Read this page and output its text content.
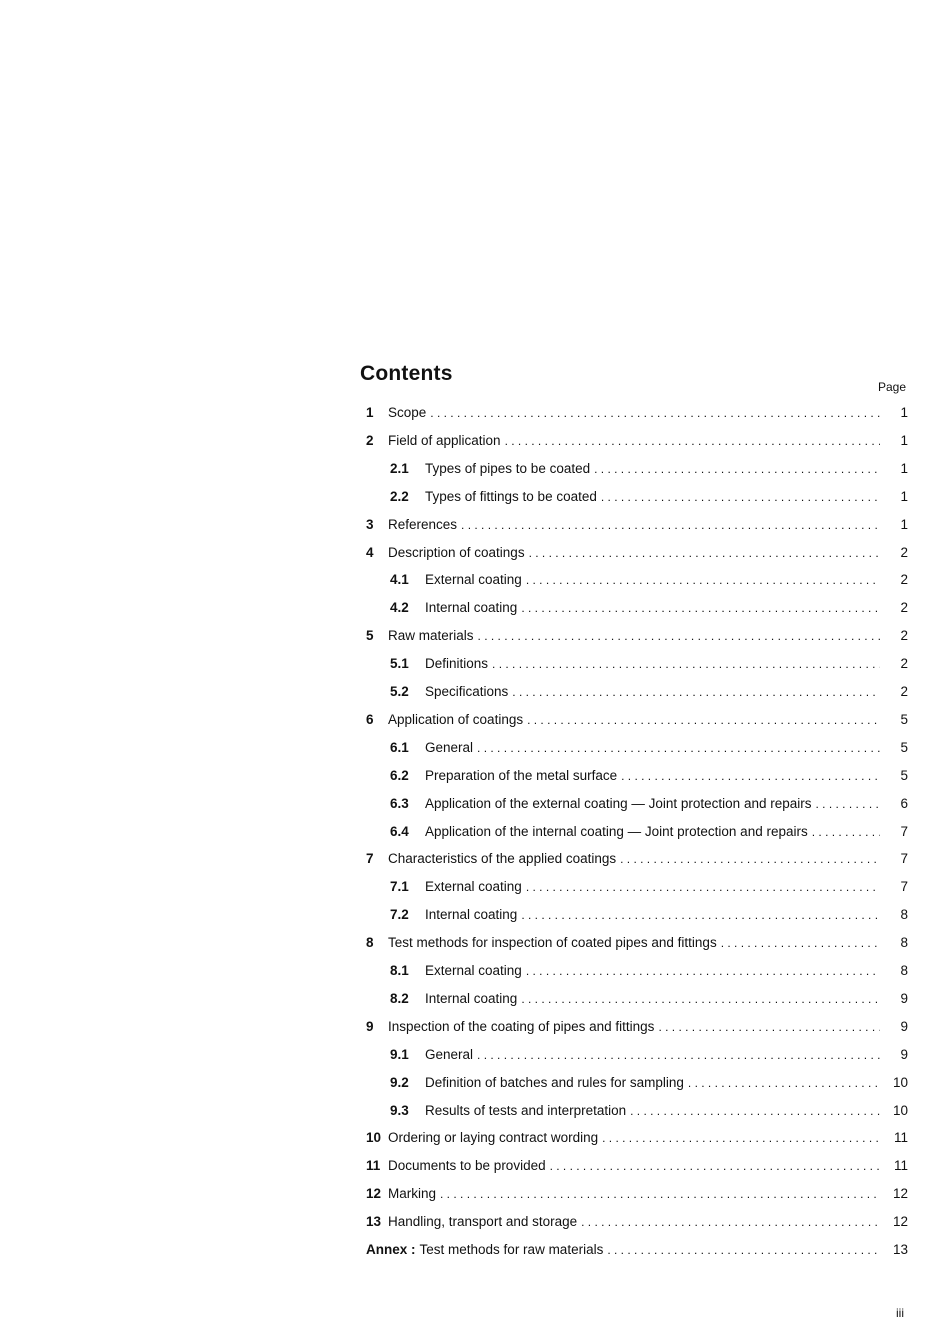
Contents
Page
1	Scope . . .	1
2	Field of application . . .	1
2.1	Types of pipes to be coated . . .	1
2.2	Types of fittings to be coated . . .	1
3	References . . .	1
4	Description of coatings . . .	2
4.1	External coating . . .	2
4.2	Internal coating . . .	2
5	Raw materials . . .	2
5.1	Definitions . . .	2
5.2	Specifications . . .	2
6	Application of coatings . . .	5
6.1	General . . .	5
6.2	Preparation of the metal surface . . .	5
6.3	Application of the external coating — Joint protection and repairs . . .	6
6.4	Application of the internal coating — Joint protection and repairs . . .	7
7	Characteristics of the applied coatings . . .	7
7.1	External coating . . .	7
7.2	Internal coating . . .	8
8	Test methods for inspection of coated pipes and fittings . . .	8
8.1	External coating . . .	8
8.2	Internal coating . . .	9
9	Inspection of the coating of pipes and fittings . . .	9
9.1	General . . .	9
9.2	Definition of batches and rules for sampling . . .	10
9.3	Results of tests and interpretation . . .	10
10 Ordering or laying contract wording . . .	11
11 Documents to be provided . . .	11
12 Marking . . .	12
13 Handling, transport and storage . . .	12
Annex : Test methods for raw materials . . .	13
iii
